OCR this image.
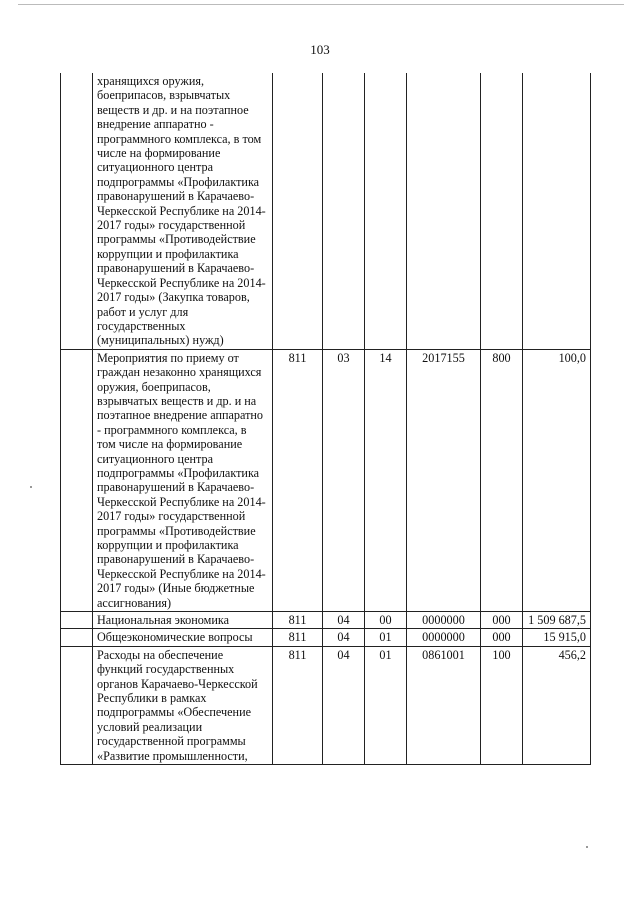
103
	хранящихся оружия, боеприпасов, взрывчатых веществ и др. и на поэтапное внедрение аппаратно - программного комплекса, в том числе на формирование ситуационного центра подпрограммы «Профилактика правонарушений в Карачаево-Черкесской Республике на 2014-2017 годы» государственной программы «Противодействие коррупции и профилактика правонарушений в Карачаево-Черкесской Республике на 2014-2017 годы» (Закупка товаров, работ и услуг для государственных (муниципальных) нужд)						
	Мероприятия по приему от граждан незаконно хранящихся оружия, боеприпасов, взрывчатых веществ и др. и на поэтапное внедрение аппаратно - программного комплекса, в том числе на формирование ситуационного центра подпрограммы «Профилактика правонарушений в Карачаево-Черкесской Республике на 2014-2017 годы» государственной программы «Противодействие коррупции и профилактика правонарушений в Карачаево-Черкесской Республике на 2014-2017 годы» (Иные бюджетные ассигнования)	811	03	14	2017155	800	100,0
	Национальная экономика	811	04	00	0000000	000	1 509 687,5
	Общеэкономические вопросы	811	04	01	0000000	000	15 915,0
	Расходы на обеспечение функций государственных органов Карачаево-Черкесской Республики в рамках подпрограммы «Обеспечение условий реализации государственной программы «Развитие промышленности,	811	04	01	0861001	100	456,2
